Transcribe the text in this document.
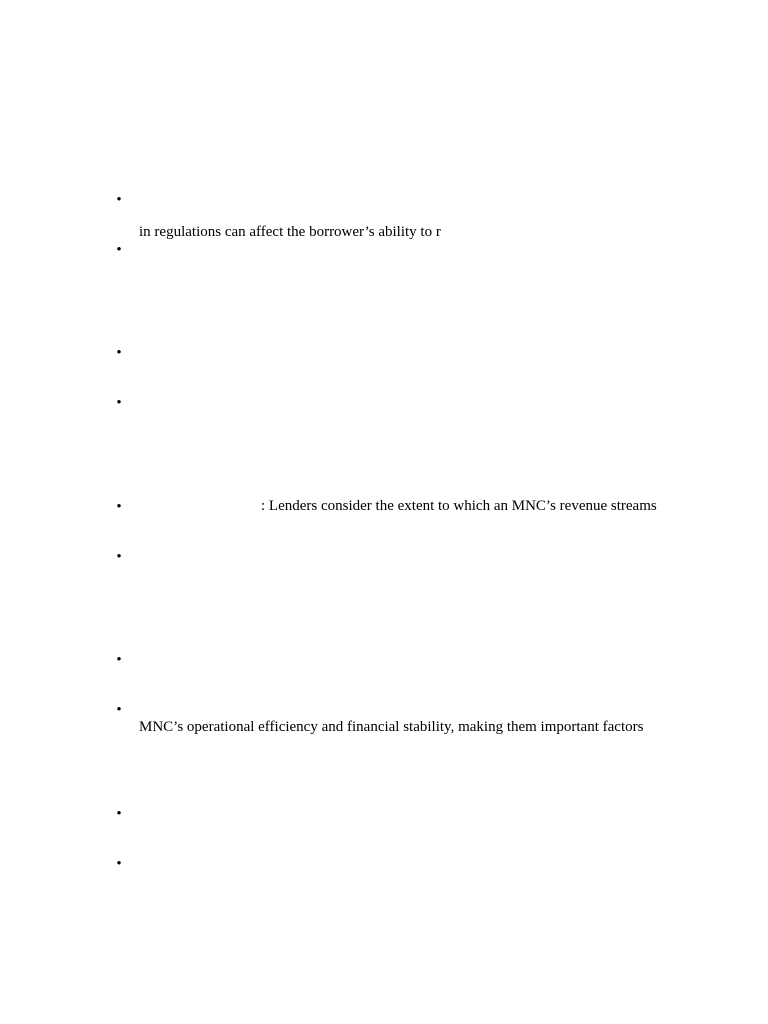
•
in regulations can affect the borrower’s ability to r
•
•
•
•	: Lenders consider the extent to which an MNC’s revenue streams
•
•
•
MNC’s operational efficiency and financial stability, making them important factors
•
•
